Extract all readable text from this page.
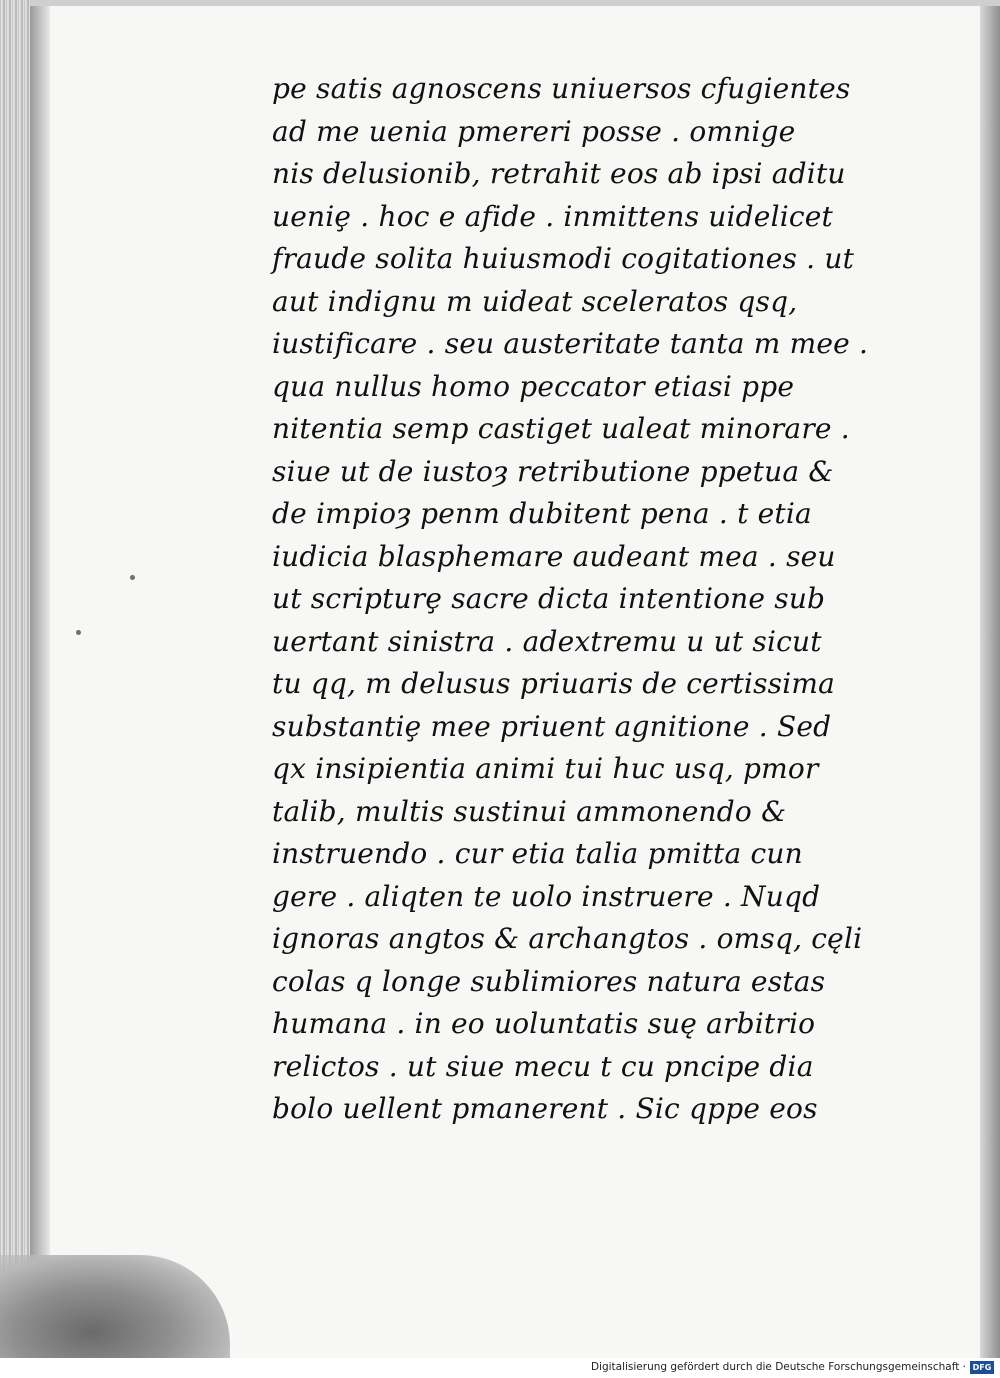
pe satis agnoscens uniuersos cfugientes
ad me uenia pmereri posse . omnige
nis delusionib, retrahit eos ab ipsi aditu
ueniȩ . hoc e afide . inmittens uidelicet
fraude solita huiusmodi cogitationes . ut
aut indignu m uideat sceleratos qsq,
iustificare . seu austeritate tanta m mee .
qua nullus homo peccator etiasi ppe
nitentia semp castiget ualeat minorare .
siue ut de iustoȝ retributione ppetua &
de impioȝ penm dubitent pena . t etia
iudicia blasphemare audeant mea . seu
ut scripturȩ sacre dicta intentione sub
uertant sinistra . adextremu u ut sicut
tu qq, m delusus priuaris de certissima
substantiȩ mee priuent agnitione . Sed
qx insipientia animi tui huc usq, pmor
talib, multis sustinui ammonendo &
instruendo . cur etia talia pmitta cun
gere . aliqten te uolo instruere . Nuqd
ignoras angtos & archangtos . omsq, cęli
colas q longe sublimiores natura estas
humana . in eo uoluntatis suę arbitrio
relictos . ut siue mecu t cu pncipe dia
bolo uellent pmanerent . Sic qppe eos
Digitalisierung gefördert durch die Deutsche Forschungsgemeinschaft · DFG
